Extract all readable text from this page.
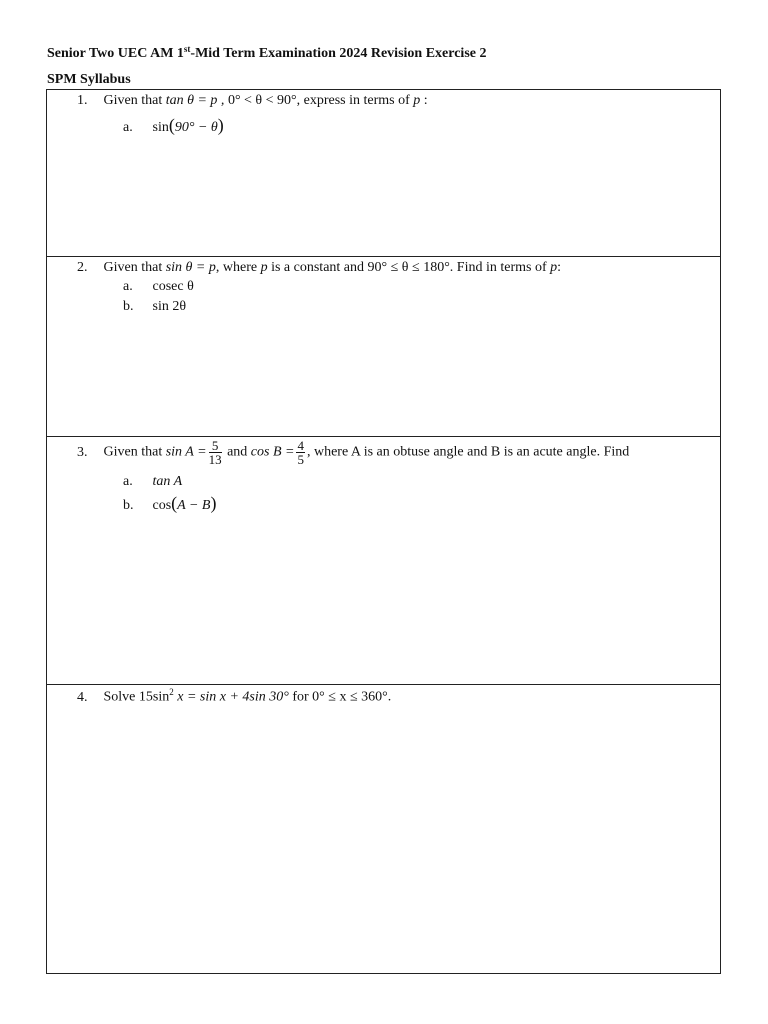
Senior Two UEC AM 1st-Mid Term Examination 2024 Revision Exercise 2
SPM Syllabus
1. Given that tan θ = p , 0° < θ < 90°, express in terms of p :
a. sin(90° − θ)
2. Given that sin θ = p, where p is a constant and 90° ≤ θ ≤ 180°. Find in terms of p:
a. cosec θ
b. sin 2θ
3. Given that $\sin A = \frac{5}{13}$ and $\cos B = \frac{4}{5}$ , where A is an obtuse angle and B is an acute angle. Find
a. tan A
b. cos(A − B)
4. Solve $15\sin^2$ x = sin x + 4sin 30° for 0° ≤ x ≤ 360°.
